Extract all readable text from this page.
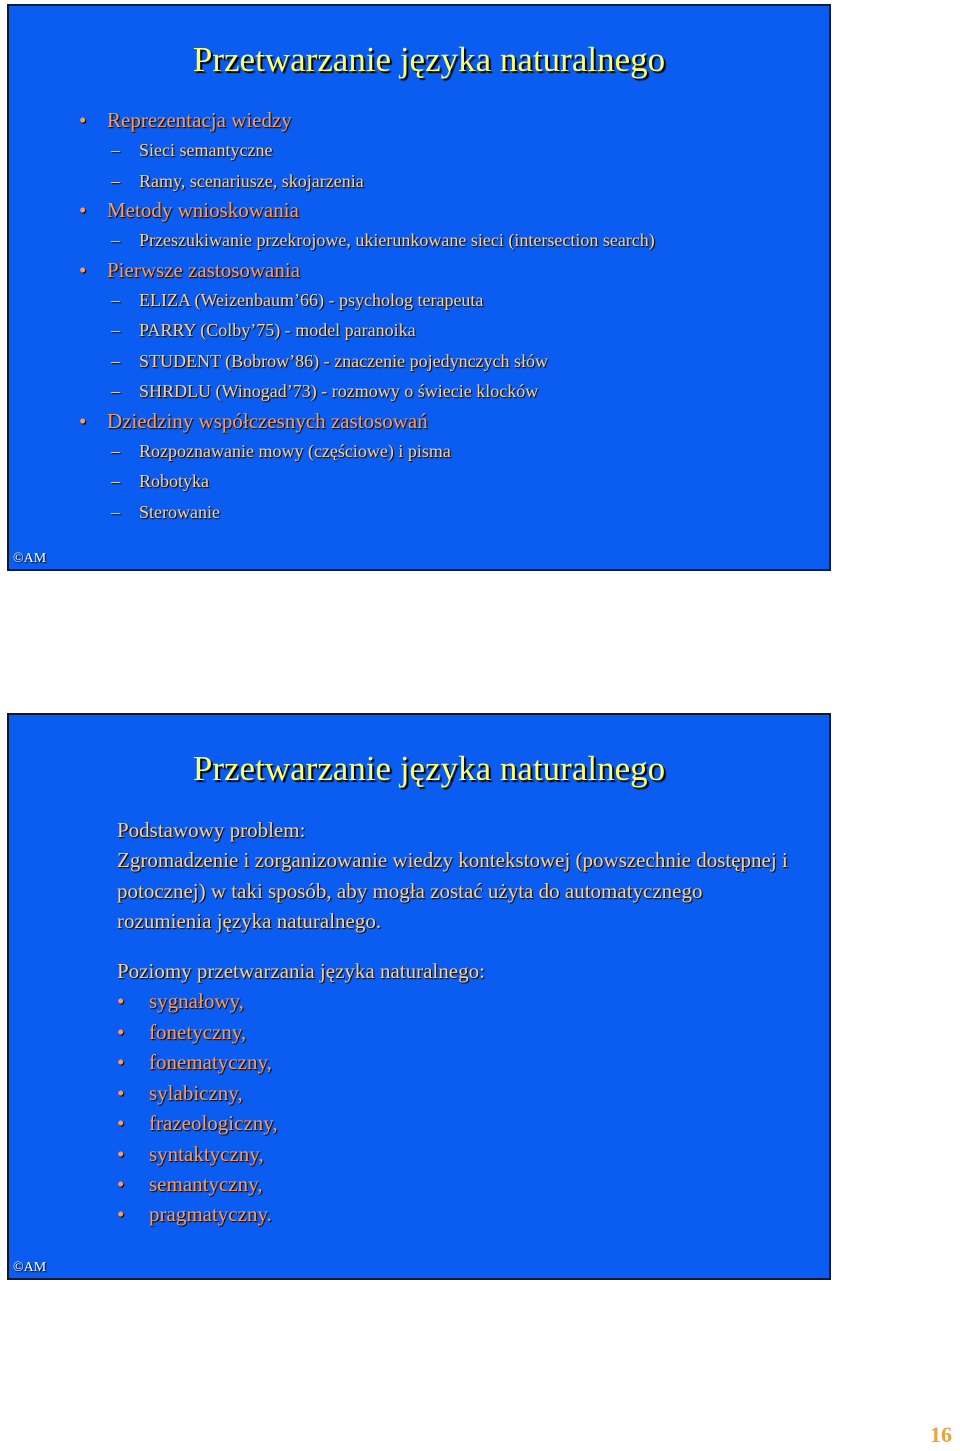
Przetwarzanie języka naturalnego
• Reprezentacja wiedzy
– Sieci semantyczne
– Ramy, scenariusze, skojarzenia
• Metody wnioskowania
– Przeszukiwanie przekrojowe, ukierunkowane sieci (intersection search)
• Pierwsze zastosowania
– ELIZA (Weizenbaum’66) - psycholog terapeuta
– PARRY (Colby’75) - model paranoika
– STUDENT (Bobrow’86) - znaczenie pojedynczych słów
– SHRDLU (Winogad’73) - rozmowy o świecie klocków
• Dziedziny współczesnych zastosowań
– Rozpoznawanie mowy (częściowe) i pisma
– Robotyka
– Sterowanie
©AM
Przetwarzanie języka naturalnego

Podstawowy problem:

Zgromadzenie i zorganizowanie wiedzy kontekstowej (powszechnie dostępnej i potocznej) w taki sposób, aby mogła zostać użyta do automatycznego rozumienia języka naturalnego.

Poziomy przetwarzania języka naturalnego:

• sygnałowy,
• fonetyczny,
• fonematyczny,
• sylabiczny,
• frazeologiczny,
• syntaktyczny,
• semantyczny,
• pragmatyczny.
©AM
16
